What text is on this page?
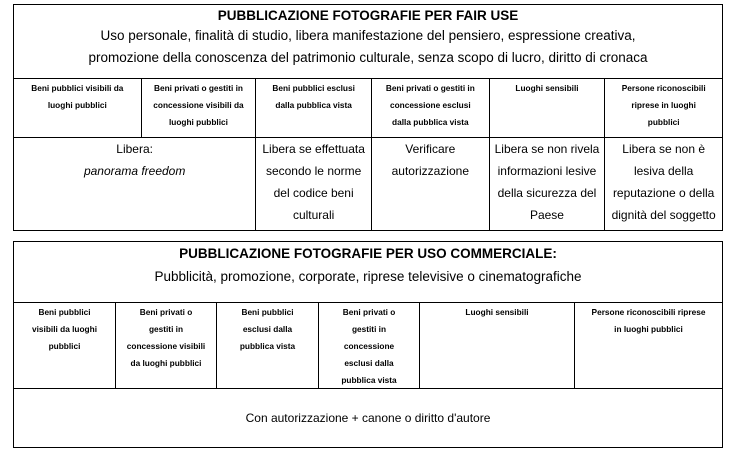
PUBBLICAZIONE FOTOGRAFIE PER FAIR USE
Uso personale, finalità di studio, libera manifestazione del pensiero, espressione creativa,
promozione della conoscenza del patrimonio culturale, senza scopo di lucro, diritto di cronaca
Beni pubblici visibili da
luoghi pubblici
Beni privati o gestiti in
concessione visibili da
luoghi pubblici
Beni pubblici esclusi
dalla pubblica vista
Beni privati o gestiti in
concessione esclusi
dalla pubblica vista
Luoghi sensibili	Persone riconoscibili
riprese in luoghi
pubblici
Libera:
panorama freedom
Libera se effettuata
secondo le norme
del codice beni
culturali
Verificare
autorizzazione
Libera se non rivela
informazioni lesive
della sicurezza del
Paese
Libera se non è
lesiva della
reputazione o della
dignità del soggetto
PUBBLICAZIONE FOTOGRAFIE PER USO COMMERCIALE:
Pubblicità, promozione, corporate, riprese televisive o cinematografiche
Beni pubblici
visibili da luoghi
pubblici
Beni privati o
gestiti in
concessione visibili
da luoghi pubblici
Beni pubblici
esclusi dalla
pubblica vista
Beni privati o
gestiti in
concessione
esclusi dalla
pubblica vista
Luoghi sensibili	Persone riconoscibili riprese
in luoghi pubblici
Con autorizzazione + canone o diritto d'autore
